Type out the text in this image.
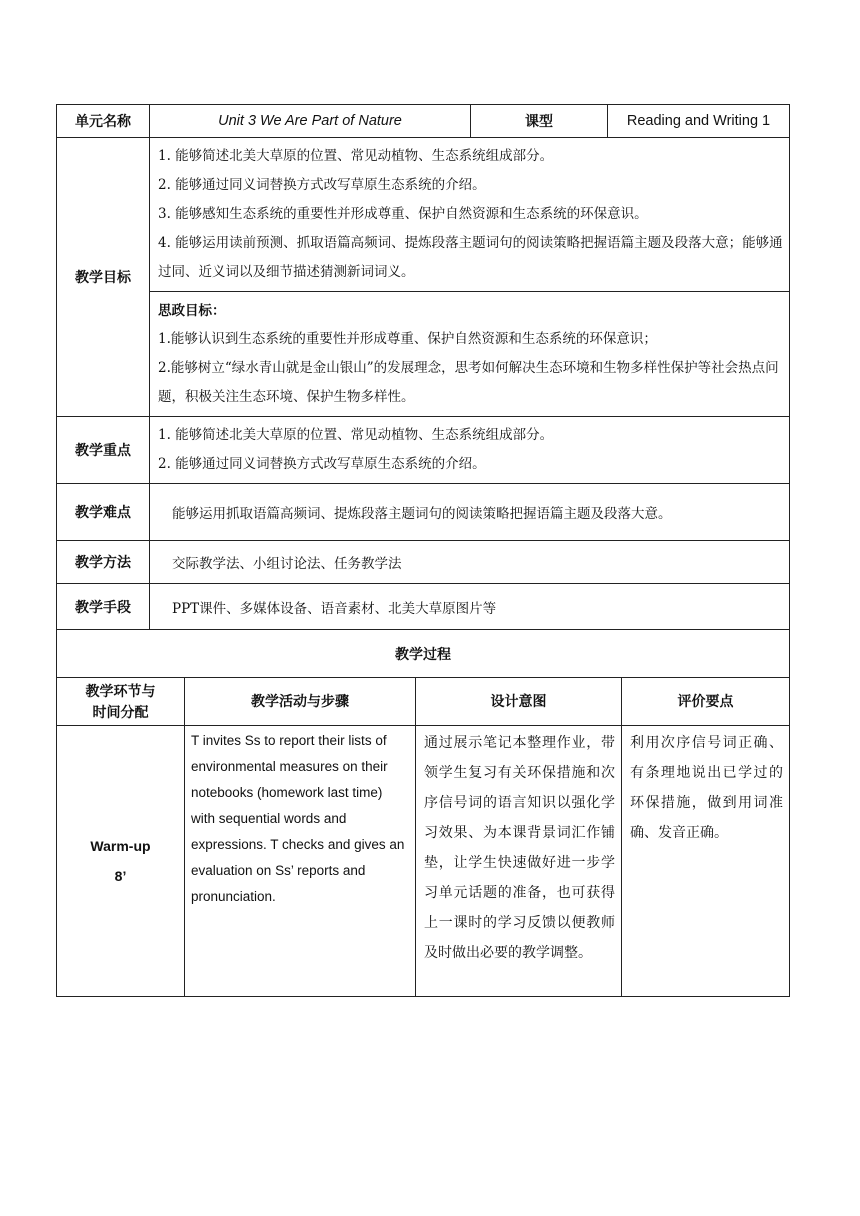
单元名称	Unit 3 We Are Part of Nature	课型	Reading and Writing 1
教学目标	1. 能够简述北美大草原的位置、常见动植物、生态系统组成部分。
2. 能够通过同义词替换方式改写草原生态系统的介绍。
3. 能够感知生态系统的重要性并形成尊重、保护自然资源和生态系统的环保意识。
4. 能够运用读前预测、抓取语篇高频词、提炼段落主题词句的阅读策略把握语篇主题及段落大意；能够通过同、近义词以及细节描述猜测新词词义。		

	思政目标：
1.能够认识到生态系统的重要性并形成尊重、保护自然资源和生态系统的环保意识；
2.能够树立“绿水青山就是金山银山”的发展理念，思考如何解决生态环境和生物多样性保护等社会热点问题，积极关注生态环境、保护生物多样性。		

教学重点	1. 能够简述北美大草原的位置、常见动植物、生态系统组成部分。
2. 能够通过同义词替换方式改写草原生态系统的介绍。		

教学难点	能够运用抓取语篇高频词、提炼段落主题词句的阅读策略把握语篇主题及段落大意。		
教学方法	交际教学法、小组讨论法、任务教学法		
教学手段	PPT课件、多媒体设备、语音素材、北美大草原图片等		
教学过程			

教学环节与
时间分配	教学活动与步骤	设计意图	评价要点

Warm-up
8’	T invites Ss to report their lists of environmental measures on their notebooks (homework last time) with sequential words and expressions. T checks and gives an evaluation on Ss’ reports and pronunciation.	通过展示笔记本整理作业，带领学生复习有关环保措施和次序信号词的语言知识以强化学习效果、为本课背景词汇作铺垫，让学生快速做好进一步学习单元话题的准备，也可获得上一课时的学习反馈以便教师及时做出必要的教学调整。	利用次序信号词正确、有条理地说出已学过的环保措施，做到用词准确、发音正确。
